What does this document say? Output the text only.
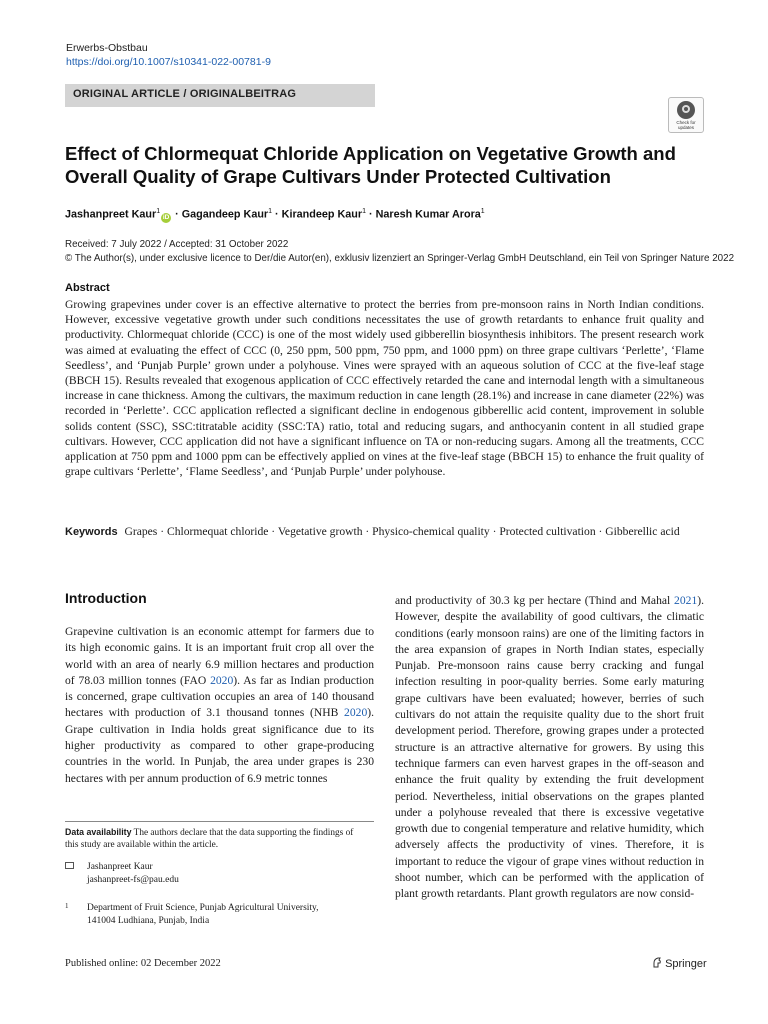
Erwerbs-Obstbau
https://doi.org/10.1007/s10341-022-00781-9
ORIGINAL ARTICLE / ORIGINALBEITRAG
Check for updates
Effect of Chlormequat Chloride Application on Vegetative Growth and Overall Quality of Grape Cultivars Under Protected Cultivation
Jashanpreet Kaur$^1$iD · Gagandeep Kaur$^1$ · Kirandeep Kaur$^1$ · Naresh Kumar Arora$^1$
Received: 7 July 2022 / Accepted: 31 October 2022
© The Author(s), under exclusive licence to Der/die Autor(en), exklusiv lizenziert an Springer-Verlag GmbH Deutschland, ein Teil von Springer Nature 2022
Abstract
Growing grapevines under cover is an effective alternative to protect the berries from pre-monsoon rains in North Indian conditions. However, excessive vegetative growth under such conditions necessitates the use of growth retardants to enhance fruit quality and productivity. Chlormequat chloride (CCC) is one of the most widely used gibberellin biosynthesis inhibitors. The present research work was aimed at evaluating the effect of CCC (0, 250 ppm, 500 ppm, 750 ppm, and 1000 ppm) on three grape cultivars ‘Perlette’, ‘Flame Seedless’, and ‘Punjab Purple’ grown under a polyhouse. Vines were sprayed with an aqueous solution of CCC at the five-leaf stage (BBCH 15). Results revealed that exogenous application of CCC effectively retarded the cane and internodal length with a simultaneous increase in cane thickness. Among the cultivars, the maximum reduction in cane length (28.1%) and increase in cane diameter (22%) was recorded in ‘Perlette’. CCC application reflected a significant decline in endogenous gibberellic acid content, improvement in soluble solids content (SSC), SSC:titratable acidity (SSC:TA) ratio, total and reducing sugars, and anthocyanin content in all studied grape cultivars. However, CCC application did not have a significant influence on TA or non-reducing sugars. Among all the treatments, CCC application at 750 ppm and 1000 ppm can be effectively applied on vines at the five-leaf stage (BBCH 15) to enhance the fruit quality of grape cultivars ‘Perlette’, ‘Flame Seedless’, and ‘Punjab Purple’ under polyhouse.
Keywords Grapes · Chlormequat chloride · Vegetative growth · Physico-chemical quality · Protected cultivation · Gibberellic acid
Introduction
Grapevine cultivation is an economic attempt for farmers due to its high economic gains. It is an important fruit crop all over the world with an area of nearly 6.9 million hectares and production of 78.03 million tonnes (FAO 2020). As far as Indian production is concerned, grape cultivation occupies an area of 140 thousand hectares with production of 3.1 thousand tonnes (NHB 2020). Grape cultivation in India holds great significance due to its higher productivity as compared to other grape-producing countries in the world. In Punjab, the area under grapes is 230 hectares with per annum production of 6.9 metric tonnes
and productivity of 30.3 kg per hectare (Thind and Mahal 2021). However, despite the availability of good cultivars, the climatic conditions (early monsoon rains) are one of the limiting factors in the area expansion of grapes in North Indian states, especially Punjab. Pre-monsoon rains cause berry cracking and fungal infection resulting in poor-quality berries. Some early maturing grape cultivars have been evaluated; however, berries of such cultivars do not attain the requisite quality due to the short fruit development period. Therefore, growing grapes under a protected structure is an attractive alternative for growers. By using this technique farmers can even harvest grapes in the off-season and enhance the fruit quality by extending the fruit development period. Nevertheless, initial observations on the grapes planted under a polyhouse revealed that there is excessive vegetative growth due to congenial temperature and relative humidity, which adversely affects the productivity of vines. Therefore, it is important to reduce the vigour of grape vines without reduction in shoot number, which can be performed with the application of plant growth retardants. Plant growth regulators are now consid-
Data availability The authors declare that the data supporting the findings of this study are available within the article.
Jashanpreet Kaur
jashanpreet-fs@pau.edu
1 Department of Fruit Science, Punjab Agricultural University,
141004 Ludhiana, Punjab, India
Published online: 02 December 2022	Springer
